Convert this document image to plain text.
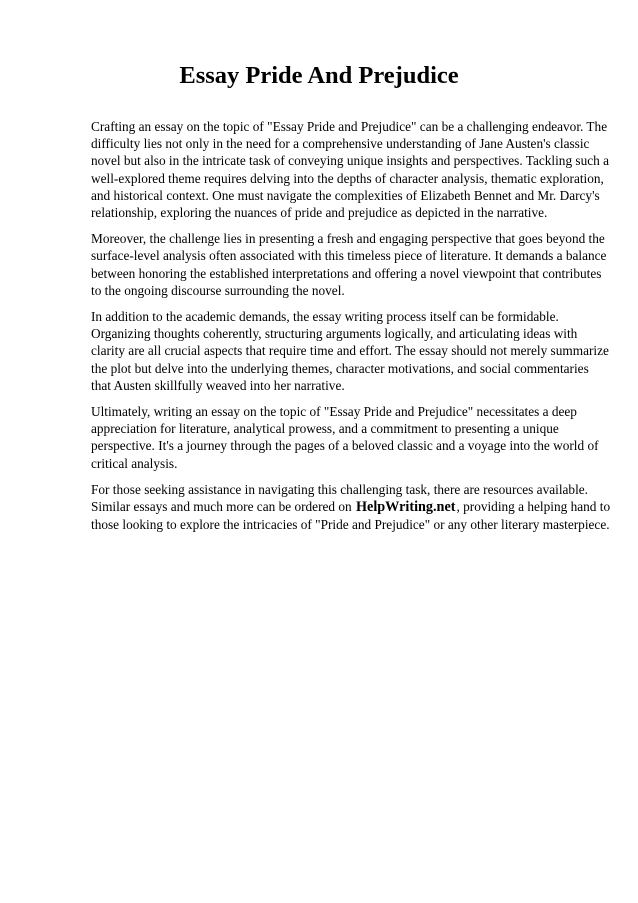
Essay Pride And Prejudice

Crafting an essay on the topic of "Essay Pride and Prejudice" can be a challenging endeavor. The
difficulty lies not only in the need for a comprehensive understanding of Jane Austen's classic
novel but also in the intricate task of conveying unique insights and perspectives. Tackling such a
well-explored theme requires delving into the depths of character analysis, thematic exploration,
and historical context. One must navigate the complexities of Elizabeth Bennet and Mr. Darcy's
relationship, exploring the nuances of pride and prejudice as depicted in the narrative.

Moreover, the challenge lies in presenting a fresh and engaging perspective that goes beyond the
surface-level analysis often associated with this timeless piece of literature. It demands a balance
between honoring the established interpretations and offering a novel viewpoint that contributes
to the ongoing discourse surrounding the novel.

In addition to the academic demands, the essay writing process itself can be formidable.
Organizing thoughts coherently, structuring arguments logically, and articulating ideas with
clarity are all crucial aspects that require time and effort. The essay should not merely summarize
the plot but delve into the underlying themes, character motivations, and social commentaries
that Austen skillfully weaved into her narrative.

Ultimately, writing an essay on the topic of "Essay Pride and Prejudice" necessitates a deep
appreciation for literature, analytical prowess, and a commitment to presenting a unique
perspective. It's a journey through the pages of a beloved classic and a voyage into the world of
critical analysis.

For those seeking assistance in navigating this challenging task, there are resources available.
Similar essays and much more can be ordered on HelpWriting.net, providing a helping hand to
those looking to explore the intricacies of "Pride and Prejudice" or any other literary masterpiece.
